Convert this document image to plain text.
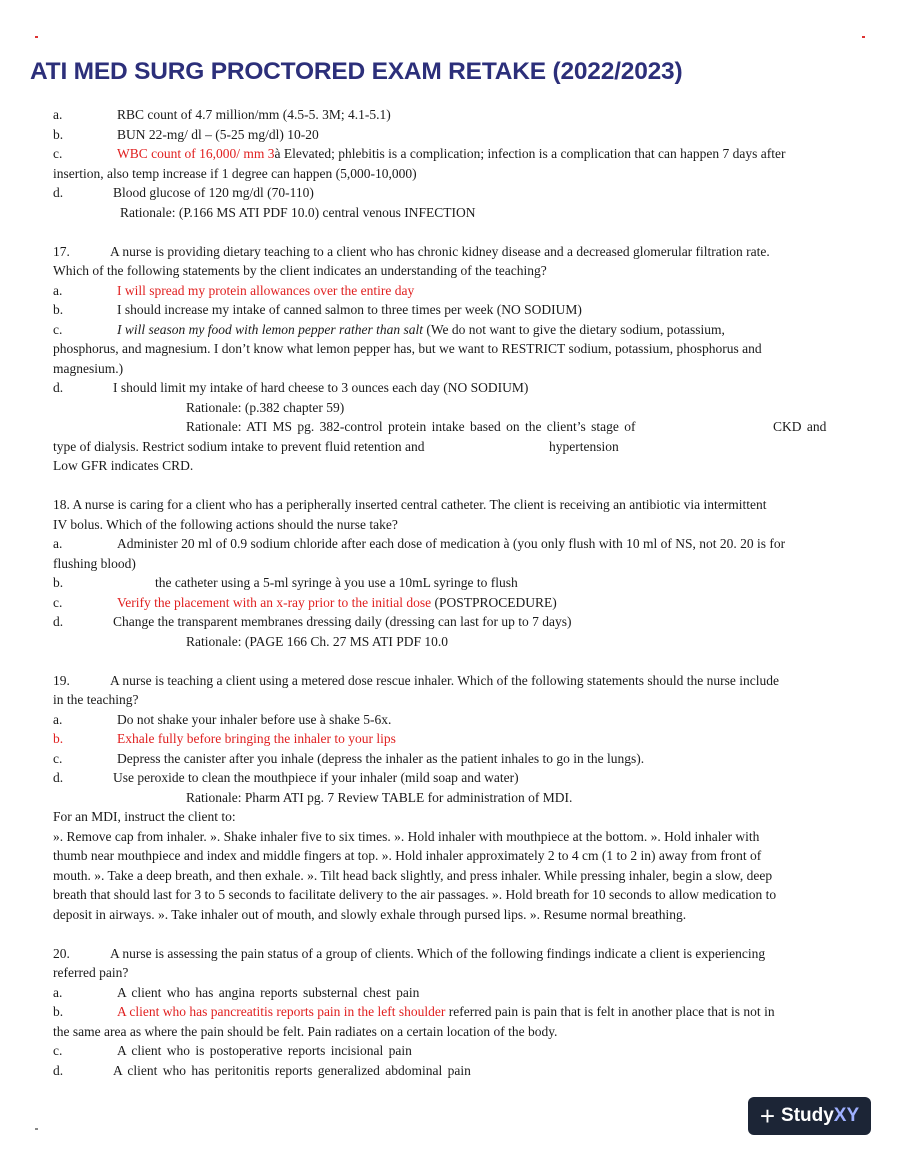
ATI MED SURG PROCTORED EXAM RETAKE (2022/2023)
a.	RBC count of 4.7 million/mm (4.5-5. 3M; 4.1-5.1)
b.	BUN 22-mg/ dl – (5-25 mg/dl) 10-20
c.	WBC count of 16,000/ mm 3à Elevated; phlebitis is a complication; infection is a complication that can happen 7 days after
insertion, also temp increase if 1 degree can happen (5,000-10,000)
d.	Blood glucose of 120 mg/dl (70-110)
Rationale: (P.166 MS ATI PDF 10.0) central venous INFECTION
17.	A nurse is providing dietary teaching to a client who has chronic kidney disease and a decreased glomerular filtration rate.
Which of the following statements by the client indicates an understanding of the teaching?
a.	I will spread my protein allowances over the entire day
b.	I should increase my intake of canned salmon to three times per week (NO SODIUM)
c.	I will season my food with lemon pepper rather than salt (We do not want to give the dietary sodium, potassium,
phosphorus, and magnesium. I don’t know what lemon pepper has, but we want to RESTRICT sodium, potassium, phosphorus and
magnesium.)
d.	I should limit my intake of hard cheese to 3 ounces each day (NO SODIUM)
Rationale: (p.382 chapter 59)
Rationale: ATI MS pg. 382-control protein intake based on the client’s stage of	CKD and
type of dialysis. Restrict sodium intake to prevent fluid retention and	hypertension
Low GFR indicates CRD.
18. A nurse is caring for a client who has a peripherally inserted central catheter. The client is receiving an antibiotic via intermittent
IV bolus. Which of the following actions should the nurse take?
a.	Administer 20 ml of 0.9 sodium chloride after each dose of medication à (you only flush with 10 ml of NS, not 20. 20 is for
flushing blood)
b.	the catheter using a 5-ml syringe à you use a 10mL syringe to flush
c.	Verify the placement with an x-ray prior to the initial dose (POSTPROCEDURE)
d.	Change the transparent membranes dressing daily (dressing can last for up to 7 days)
Rationale: (PAGE 166 Ch. 27 MS ATI PDF 10.0
19.	A nurse is teaching a client using a metered dose rescue inhaler. Which of the following statements should the nurse include
in the teaching?
a.	Do not shake your inhaler before use à shake 5-6x.
b.	Exhale fully before bringing the inhaler to your lips
c.	Depress the canister after you inhale (depress the inhaler as the patient inhales to go in the lungs).
d.	Use peroxide to clean the mouthpiece if your inhaler (mild soap and water)
Rationale: Pharm ATI pg. 7 Review TABLE for administration of MDI.
For an MDI, instruct the client to:
». Remove cap from inhaler. ». Shake inhaler five to six times. ». Hold inhaler with mouthpiece at the bottom. ». Hold inhaler with
thumb near mouthpiece and index and middle fingers at top. ». Hold inhaler approximately 2 to 4 cm (1 to 2 in) away from front of
mouth. ». Take a deep breath, and then exhale. ». Tilt head back slightly, and press inhaler. While pressing inhaler, begin a slow, deep
breath that should last for 3 to 5 seconds to facilitate delivery to the air passages. ». Hold breath for 10 seconds to allow medication to
deposit in airways. ». Take inhaler out of mouth, and slowly exhale through pursed lips. ». Resume normal breathing.
20.	A nurse is assessing the pain status of a group of clients. Which of the following findings indicate a client is experiencing
referred pain?
a.	A client who has angina reports substernal chest pain
b.	A client who has pancreatitis reports pain in the left shoulder referred pain is pain that is felt in another place that is not in
the same area as where the pain should be felt. Pain radiates on a certain location of the body.
c.	A client who is postoperative reports incisional pain
d.	A client who has peritonitis reports generalized abdominal pain
+ Study XY
